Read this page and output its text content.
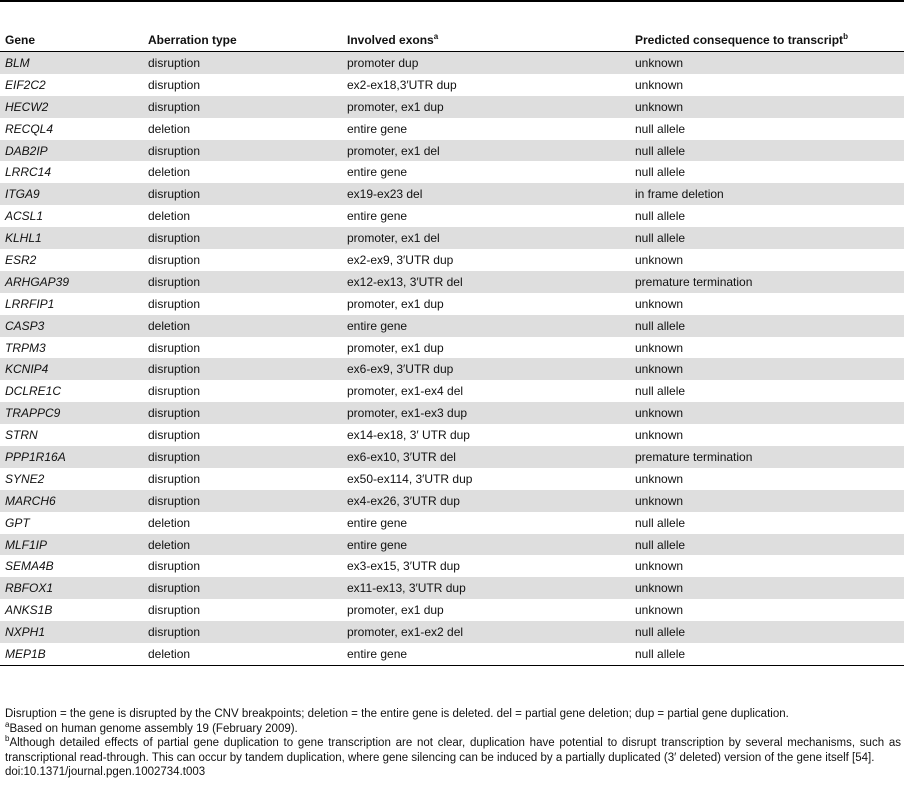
Gene	Aberration type	Involved exons$^a$	Predicted consequence to transcript$^b$
BLM	disruption	promoter dup	unknown
EIF2C2	disruption	ex2-ex18,3′UTR dup	unknown
HECW2	disruption	promoter, ex1 dup	unknown
RECQL4	deletion	entire gene	null allele
DAB2IP	disruption	promoter, ex1 del	null allele
LRRC14	deletion	entire gene	null allele
ITGA9	disruption	ex19-ex23 del	in frame deletion
ACSL1	deletion	entire gene	null allele
KLHL1	disruption	promoter, ex1 del	null allele
ESR2	disruption	ex2-ex9, 3′UTR dup	unknown
ARHGAP39	disruption	ex12-ex13, 3′UTR del	premature termination
LRRFIP1	disruption	promoter, ex1 dup	unknown
CASP3	deletion	entire gene	null allele
TRPM3	disruption	promoter, ex1 dup	unknown
KCNIP4	disruption	ex6-ex9, 3′UTR dup	unknown
DCLRE1C	disruption	promoter, ex1-ex4 del	null allele
TRAPPC9	disruption	promoter, ex1-ex3 dup	unknown
STRN	disruption	ex14-ex18, 3′ UTR dup	unknown
PPP1R16A	disruption	ex6-ex10, 3′UTR del	premature termination
SYNE2	disruption	ex50-ex114, 3′UTR dup	unknown
MARCH6	disruption	ex4-ex26, 3′UTR dup	unknown
GPT	deletion	entire gene	null allele
MLF1IP	deletion	entire gene	null allele
SEMA4B	disruption	ex3-ex15, 3′UTR dup	unknown
RBFOX1	disruption	ex11-ex13, 3′UTR dup	unknown
ANKS1B	disruption	promoter, ex1 dup	unknown
NXPH1	disruption	promoter, ex1-ex2 del	null allele
MEP1B	deletion	entire gene	null allele
Disruption = the gene is disrupted by the CNV breakpoints; deletion = the entire gene is deleted. del = partial gene deletion; dup = partial gene duplication.
$^a$Based on human genome assembly 19 (February 2009).
$^b$Although detailed effects of partial gene duplication to gene transcription are not clear, duplication have potential to disrupt transcription by several mechanisms, such as transcriptional read-through. This can occur by tandem duplication, where gene silencing can be induced by a partially duplicated (3′ deleted) version of the gene itself [54].
doi:10.1371/journal.pgen.1002734.t003
